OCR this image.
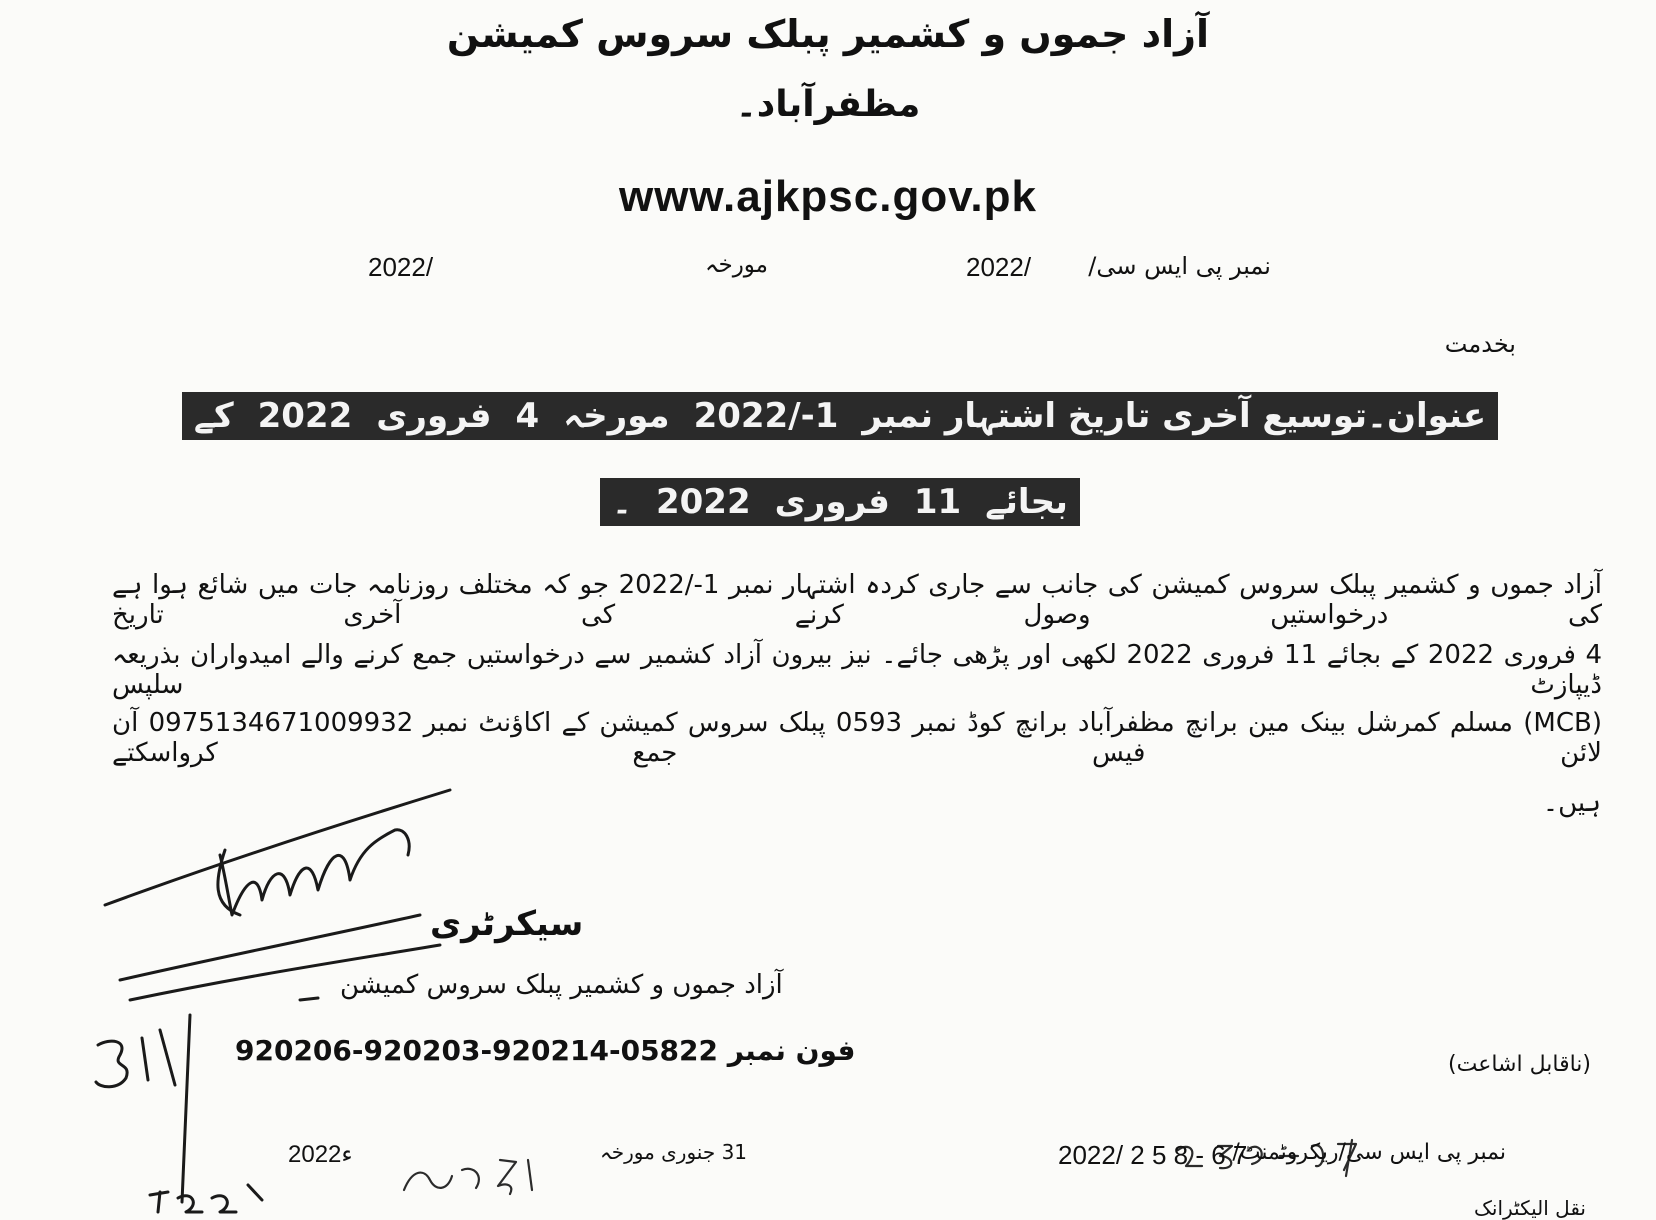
آزاد جموں و کشمیر پبلک سروس کمیشن
مظفرآباد۔
www.ajkpsc.gov.pk
نمبر پی ایس سی/
2022/
مورخہ
2022/
بخدمت
عنوان۔توسیع آخری تاریخ اشتہار نمبر1-/2022مورخہ4فروری2022کے
بجائے11فروری2022۔
آزاد جموں و کشمیر پبلک سروس کمیشن کی جانب سے جاری کردہ اشتہار نمبر 1-/2022 جو کہ مختلف روزنامہ جات میں شائع ہوا ہے کی درخواستیں وصول کرنے کی آخری تاریخ
4 فروری 2022 کے بجائے 11 فروری 2022 لکھی اور پڑھی جائے۔ نیز بیرون آزاد کشمیر سے درخواستیں جمع کرنے والے امیدواران بذریعہ ڈیپازٹ سلپس
(MCB) مسلم کمرشل بینک مین برانچ مظفرآباد برانچ کوڈ نمبر 0593 پبلک سروس کمیشن کے اکاؤنٹ نمبر 0975134671009932 آن لائن فیس جمع کرواسکتے
ہیں۔
سیکرٹری
آزاد جموں و کشمیر پبلک سروس کمیشن
فون نمبر 05822-920214-920203-920206	(ناقابل اشاعت)
نمبر پی ایس سی/ریکروٹمنٹ/
2022/ 2 5 8 - 6 7
31 جنوری مورخہ
2022ء
نقل الیکٹرانک
